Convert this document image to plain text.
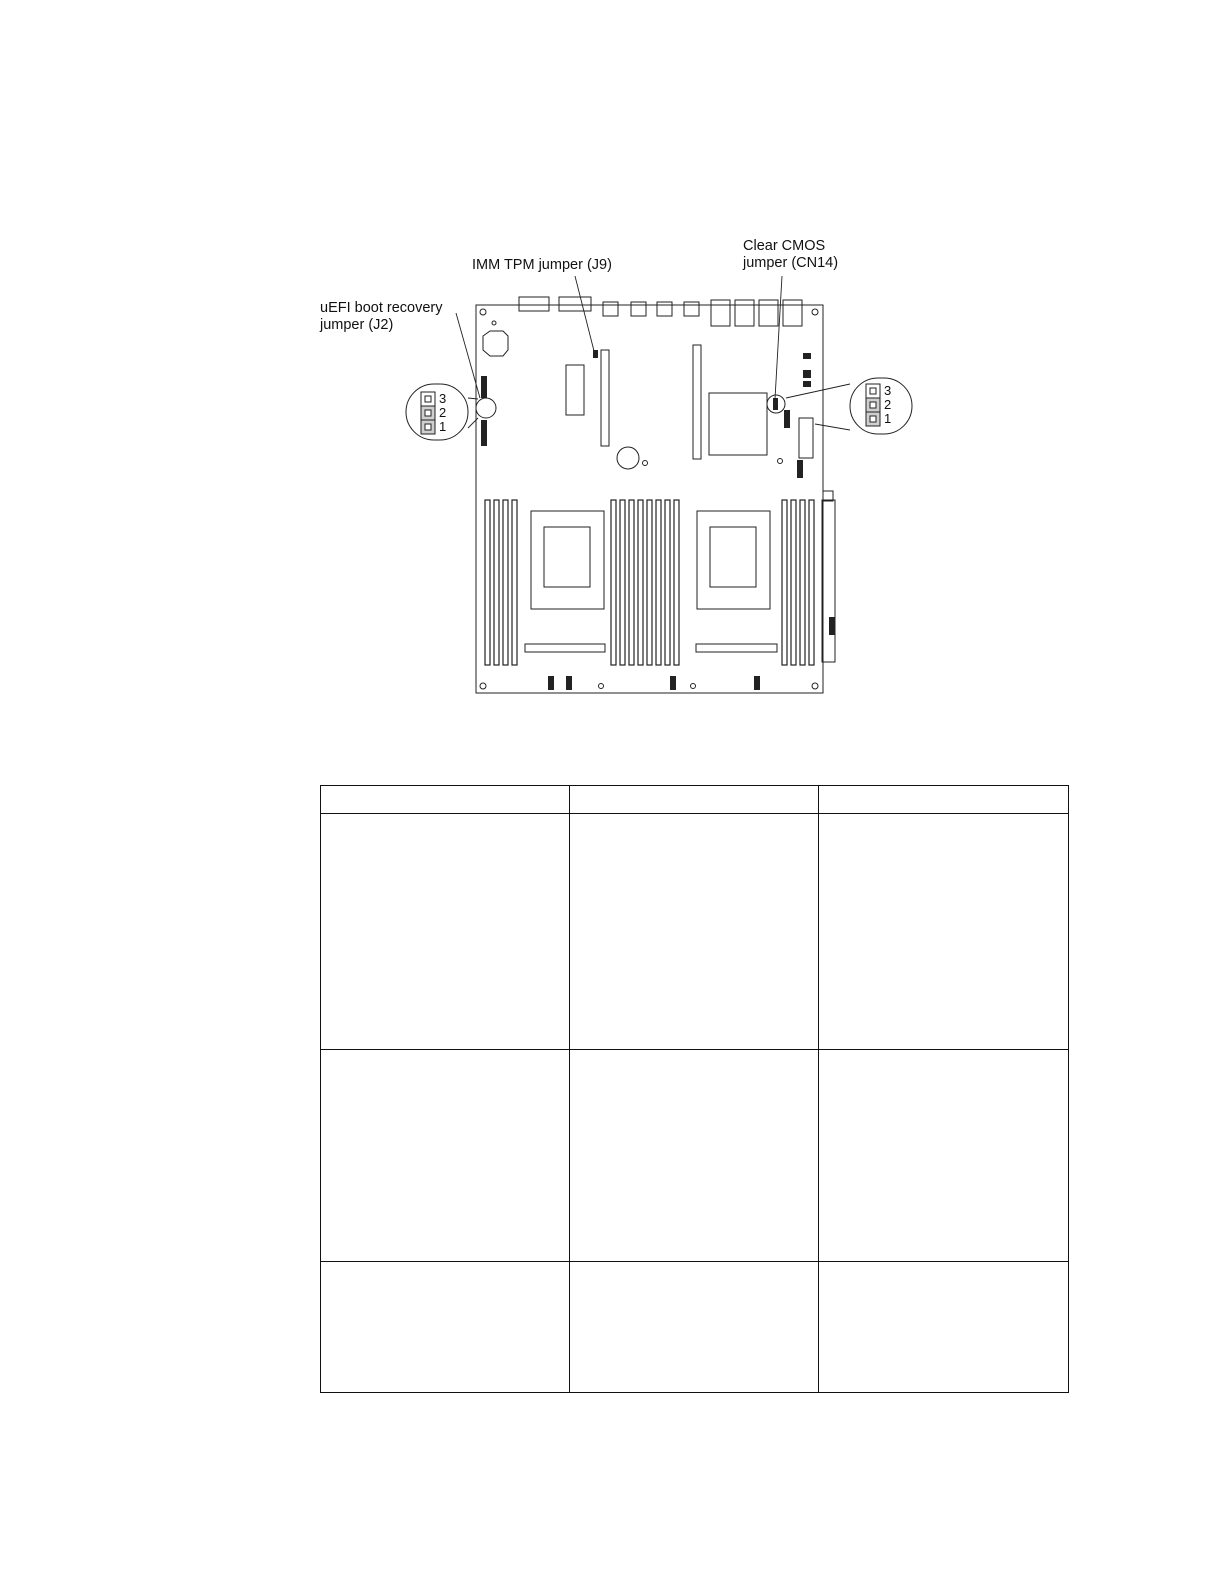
IMM TPM jumper (J9)
Clear CMOS
jumper (CN14)
uEFI boot recovery
jumper (J2)
3
2
1
3
2
1
